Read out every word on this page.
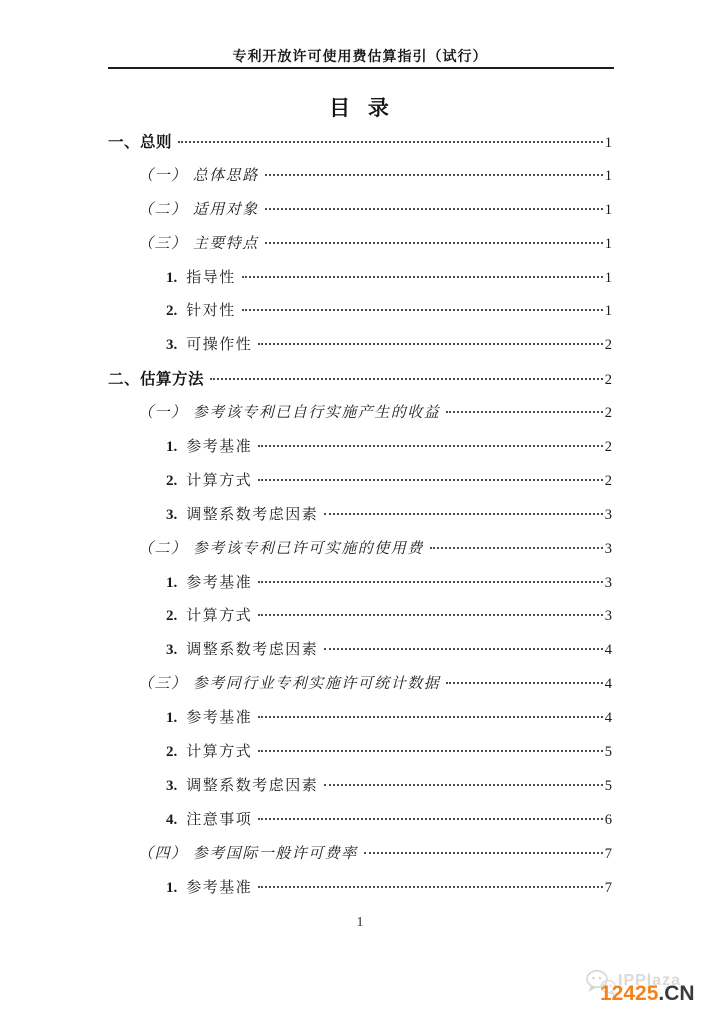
专利开放许可使用费估算指引（试行）
目  录
一、总则	1
（一） 总体思路	1
（二） 适用对象	1
（三） 主要特点	1
1. 指导性	1
2. 针对性	1
3. 可操作性	2
二、估算方法	2
（一） 参考该专利已自行实施产生的收益	2
1. 参考基准	2
2. 计算方式	2
3. 调整系数考虑因素	3
（二） 参考该专利已许可实施的使用费	3
1. 参考基准	3
2. 计算方式	3
3. 调整系数考虑因素	4
（三） 参考同行业专利实施许可统计数据	4
1. 参考基准	4
2. 计算方式	5
3. 调整系数考虑因素	5
4. 注意事项	6
（四） 参考国际一般许可费率	7
1. 参考基准	7
1
IPPlaza
12425.CN
